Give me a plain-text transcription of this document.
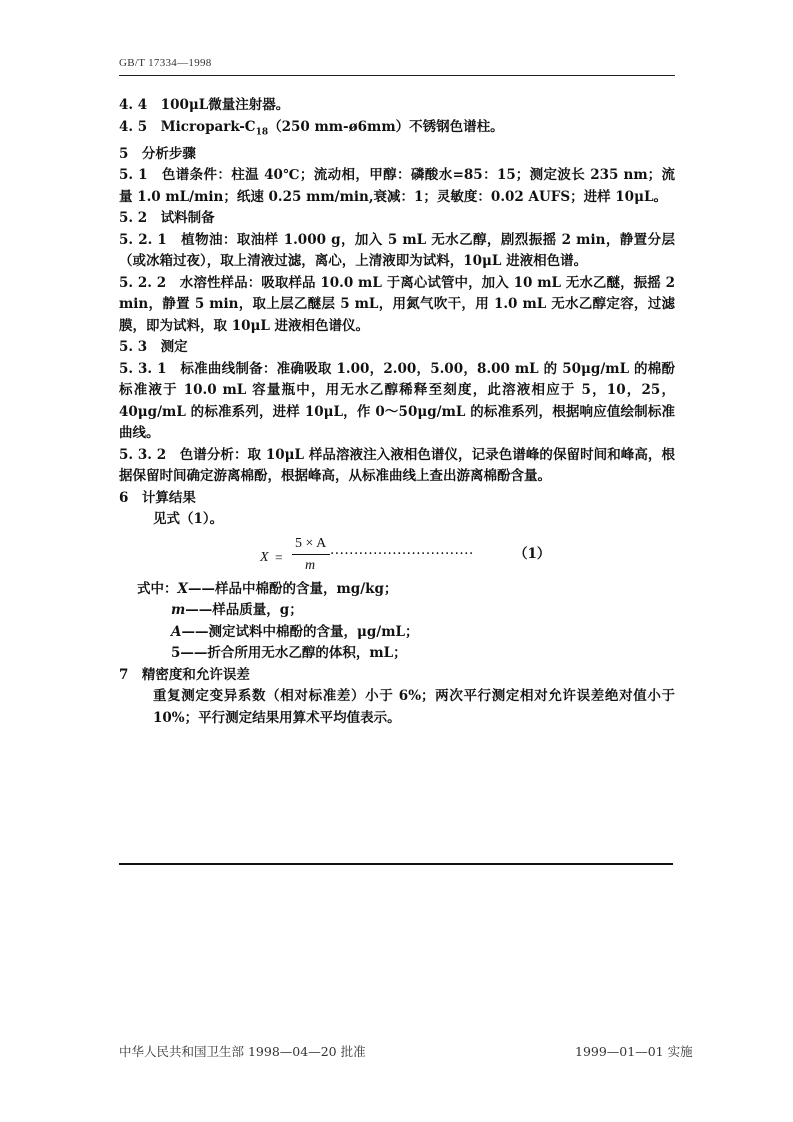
GB/T 17334—1998

4. 4　100μL微量注射器。

4. 5　Micropark-$C_{18}(250$ mm-ø6mm）不锈钢色谱柱。

5　分析步骤

5. 1　色谱条件：柱温 40℃；流动相，甲醇：磷酸水=85：15；测定波长 235 nm；流量 1.0 mL/min；纸速 0.25 mm/min,衰减：1；灵敏度：0.02 AUFS；进样 10μL。

5. 2　试料制备

5. 2. 1　植物油：取油样 1.000 g，加入 5 mL 无水乙醇，剧烈振摇 2 min，静置分层（或冰箱过夜），取上清液过滤，离心，上清液即为试料，10μL 进液相色谱。

5. 2. 2　水溶性样品：吸取样品 10.0 mL 于离心试管中，加入 10 mL 无水乙醚，振摇 2 min，静置 5 min，取上层乙醚层 5 mL，用氮气吹干，用 1.0 mL 无水乙醇定容，过滤膜，即为试料，取 10μL 进液相色谱仪。

5. 3　测定

5. 3. 1　标准曲线制备：准确吸取 1.00，2.00，5.00，8.00 mL 的 50μg/mL 的棉酚标准液于 10.0 mL 容量瓶中，用无水乙醇稀释至刻度，此溶液相应于 5，10，25，40μg/mL 的标准系列，进样 10μL，作 0～50μg/mL 的标准系列，根据响应值绘制标准曲线。

5. 3. 2　色谱分析：取 10μL 样品溶液注入液相色谱仪，记录色谱峰的保留时间和峰高，根据保留时间确定游离棉酚，根据峰高，从标准曲线上查出游离棉酚含量。

6　计算结果

见式（1）。

X =
5 × A
m
······························	（1）

式中：X——样品中棉酚的含量，mg/kg；

m——样品质量，g；

A——测定试料中棉酚的含量，μg/mL；

5——折合所用无水乙醇的体积，mL；

7　精密度和允许误差

重复测定变异系数（相对标准差）小于 6%；两次平行测定相对允许误差绝对值小于 10%；平行测定结果用算术平均值表示。

中华人民共和国卫生部 1998—04—20 批准	1999—01—01 实施
